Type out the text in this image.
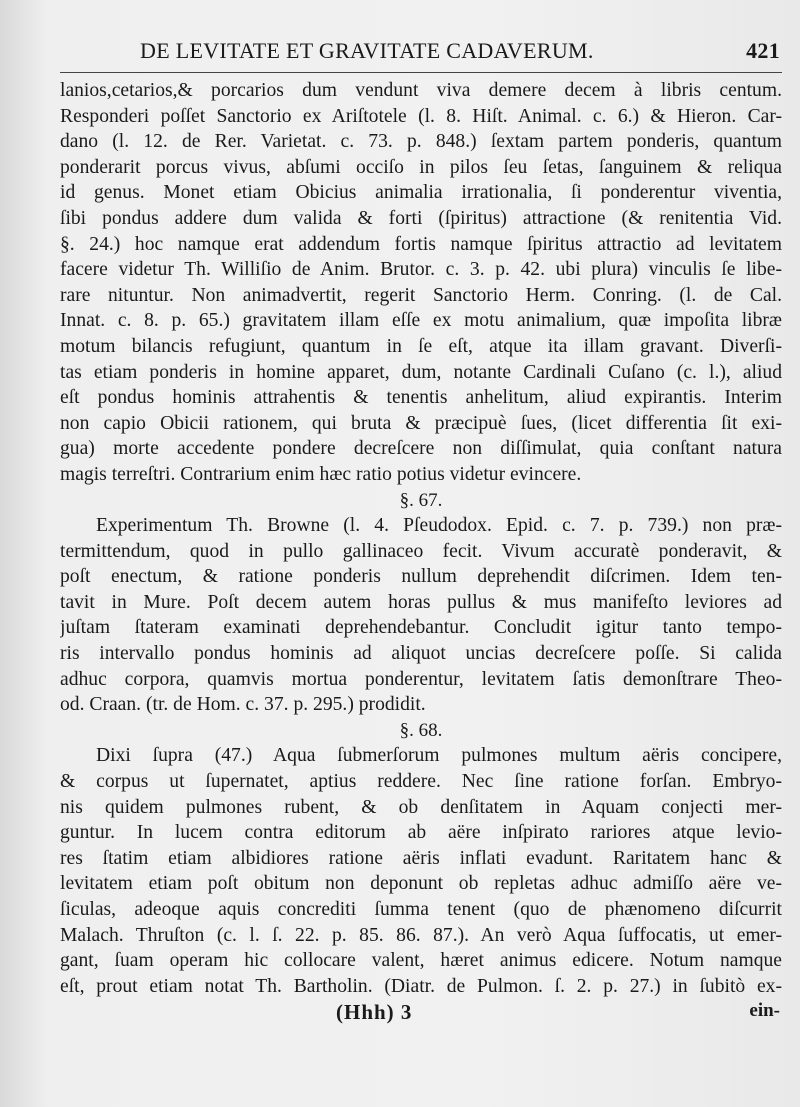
DE LEVITATE ET GRAVITATE CADAVERUM.	421
lanios,cetarios,& porcarios dum vendunt viva demere decem à libris centum.
Responderi poſſet Sanctorio ex Ariſtotele (l. 8. Hiſt. Animal. c. 6.) & Hieron. Car-
dano (l. 12. de Rer. Varietat. c. 73. p. 848.) ſextam partem ponderis, quantum
ponderarit porcus vivus, abſumi occiſo in pilos ſeu ſetas, ſanguinem & reliqua
id genus. Monet etiam Obicius animalia irrationalia, ſi ponderentur viventia,
ſibi pondus addere dum valida & forti (ſpiritus) attractione (& renitentia Vid.
§. 24.) hoc namque erat addendum fortis namque ſpiritus attractio ad levitatem
facere videtur Th. Williſio de Anim. Brutor. c. 3. p. 42. ubi plura) vinculis ſe libe-
rare nituntur. Non animadvertit, regerit Sanctorio Herm. Conring. (l. de Cal.
Innat. c. 8. p. 65.) gravitatem illam eſſe ex motu animalium, quæ impoſita libræ
motum bilancis refugiunt, quantum in ſe eſt, atque ita illam gravant. Diverſi-
tas etiam ponderis in homine apparet, dum, notante Cardinali Cuſano (c. l.), aliud
eſt pondus hominis attrahentis & tenentis anhelitum, aliud expirantis. Interim
non capio Obicii rationem, qui bruta & præcipuè ſues, (licet differentia ſit exi-
gua) morte accedente pondere decreſcere non diſſimulat, quia conſtant natura
magis terreſtri. Contrarium enim hæc ratio potius videtur evincere.
§. 67.
Experimentum Th. Browne (l. 4. Pſeudodox. Epid. c. 7. p. 739.) non præ-
termittendum, quod in pullo gallinaceo fecit. Vivum accuratè ponderavit, &
poſt enectum, & ratione ponderis nullum deprehendit diſcrimen. Idem ten-
tavit in Mure. Poſt decem autem horas pullus & mus manifeſto leviores ad
juſtam ſtateram examinati deprehendebantur. Concludit igitur tanto tempo-
ris intervallo pondus hominis ad aliquot uncias decreſcere poſſe. Si calida
adhuc corpora, quamvis mortua ponderentur, levitatem ſatis demonſtrare Theo-
od. Craan. (tr. de Hom. c. 37. p. 295.) prodidit.
§. 68.
Dixi ſupra (47.) Aqua ſubmerſorum pulmones multum aëris concipere,
& corpus ut ſupernatet, aptius reddere. Nec ſine ratione forſan. Embryo-
nis quidem pulmones rubent, & ob denſitatem in Aquam conjecti mer-
guntur. In lucem contra editorum ab aëre inſpirato rariores atque levio-
res ſtatim etiam albidiores ratione aëris inflati evadunt. Raritatem hanc &
levitatem etiam poſt obitum non deponunt ob repletas adhuc admiſſo aëre ve-
ſiculas, adeoque aquis concrediti ſumma tenent (quo de phænomeno diſcurrit
Malach. Thruſton (c. l. ſ. 22. p. 85. 86. 87.). An verò Aqua ſuffocatis, ut emer-
gant, ſuam operam hic collocare valent, hæret animus edicere. Notum namque
eſt, prout etiam notat Th. Bartholin. (Diatr. de Pulmon. ſ. 2. p. 27.) in ſubitò ex-
(Hhh) 3	ein-
